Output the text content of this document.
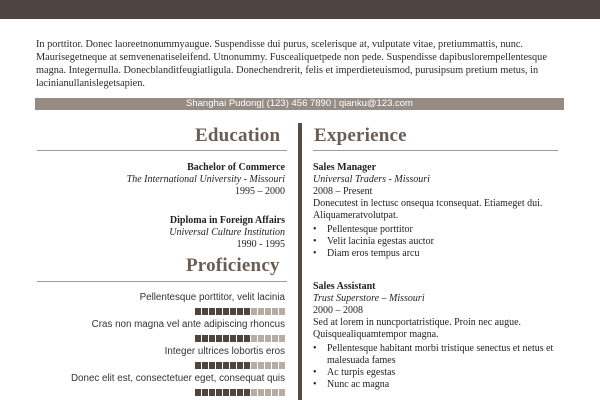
In porttitor. Donec laoreetnonummyaugue. Suspendisse dui purus, scelerisque at, vulputate vitae, pretiummattis, nunc. Maurisegetneque at semvenenatiseleifend. Utnonummy. Fuscealiquetpede non pede. Suspendisse dapibuslorempellentesque magna. Integernulla. Donecblanditfeugiatligula. Donechendrerit, felis et imperdieteuismod, purusipsum pretium metus, in lacinianullanislegetsapien.
Shanghai Pudong| (123) 456 7890 | qianku@123.com
Education
Bachelor of Commerce
The International University - Missouri
1995 – 2000
Diploma in Foreign Affairs
Universal Culture Institution
1990 - 1995
Proficiency
Pellentesque porttitor, velit lacinia
Cras non magna vel ante adipiscing rhoncus
Integer ultrices lobortis eros
Donec elit est, consectetuer eget, consequat quis
Experience
Sales Manager
Universal Traders - Missouri
2008 – Present
Donecutest in lectusc onsequa tconsequat. Etiameget dui. Aliquameratvolutpat.
• Pellentesque porttitor
• Velit lacinia egestas auctor
• Diam eros tempus arcu
Sales Assistant
Trust Superstore – Missouri
2000 – 2008
Sed at lorem in nuncportatristique. Proin nec augue. Quisquealiquamtempor magna.
• Pellentesque habitant morbi tristique senectus et netus et malesuada fames
• Ac turpis egestas
• Nunc ac magna
